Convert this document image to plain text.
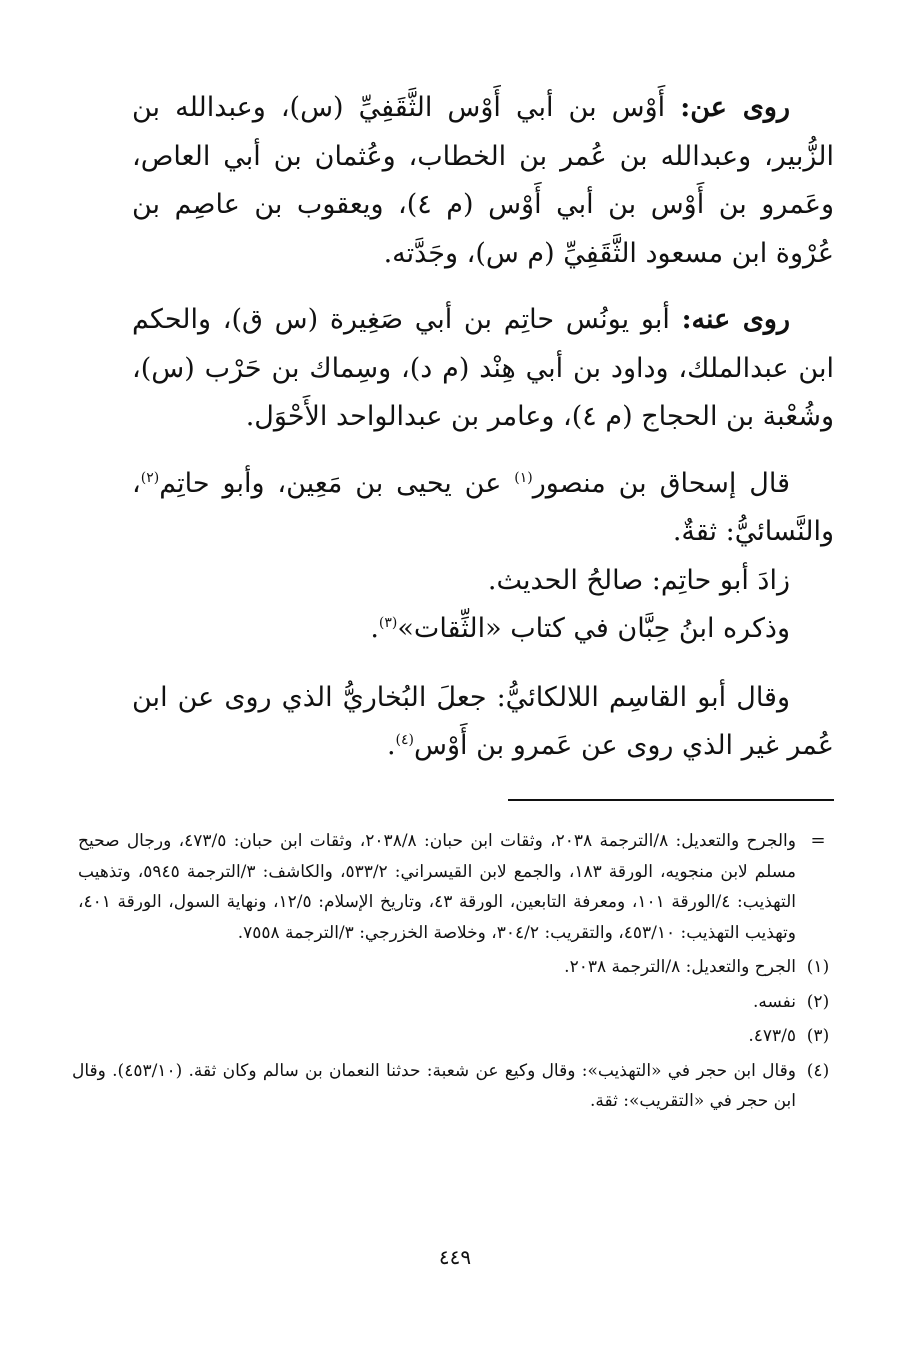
روى عن: أَوْس بن أبي أَوْس الثَّقَفِيِّ (س)، وعبدالله بن الزُّبير، وعبدالله بن عُمر بن الخطاب، وعُثمان بن أبي العاص، وعَمرو بن أَوْس بن أبي أَوْس (م ٤)، ويعقوب بن عاصِم بن عُرْوة ابن مسعود الثَّقَفِيِّ (م س)، وجَدَّته.

روى عنه: أبو يونُس حاتِم بن أبي صَغِيرة (س ق)، والحكم ابن عبدالملك، وداود بن أبي هِنْد (م د)، وسِماك بن حَرْب (س)، وشُعْبة بن الحجاج (م ٤)، وعامر بن عبدالواحد الأَحْوَل.

قال إسحاق بن منصور$^{(١)}$ عن يحيى بن مَعِين، وأبو حاتِم$^{(٢)}$، والنَّسائيُّ: ثقةٌ.

زادَ أبو حاتِم: صالحُ الحديث.

وذكره ابنُ حِبَّان في كتاب «الثِّقات»$^{(٣)}$.

وقال أبو القاسِم اللالكائيُّ: جعلَ البُخاريُّ الذي روى عن ابن عُمر غير الذي روى عن عَمرو بن أَوْس$^{(٤)}$.

=
والجرح والتعديل: ٨/الترجمة ٢٠٣٨، وثقات ابن حبان: ٢٠٣٨/٨، وثقات ابن حبان: ٤٧٣/٥، ورجال صحيح مسلم لابن منجويه، الورقة ١٨٣، والجمع لابن القيسراني: ٥٣٣/٢، والكاشف: ٣/الترجمة ٥٩٤٥، وتذهيب التهذيب: ٤/الورقة ١٠١، ومعرفة التابعين، الورقة ٤٣، وتاريخ الإسلام: ١٢/٥، ونهاية السول، الورقة ٤٠١، وتهذيب التهذيب: ٤٥٣/١٠، والتقريب: ٣٠٤/٢، وخلاصة الخزرجي: ٣/الترجمة ٧٥٥٨.
(١)
الجرح والتعديل: ٨/الترجمة ٢٠٣٨.
(٢)
نفسه.
(٣)
٤٧٣/٥.
(٤)
وقال ابن حجر في «التهذيب»: وقال وكيع عن شعبة: حدثنا النعمان بن سالم وكان ثقة. (٤٥٣/١٠). وقال ابن حجر في «التقريب»: ثقة.
٤٤٩
